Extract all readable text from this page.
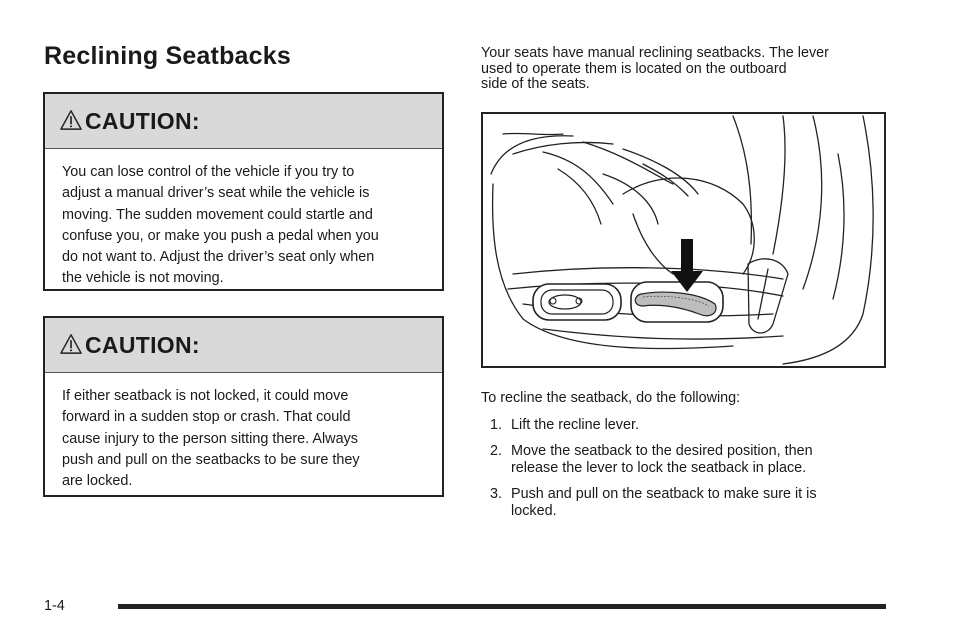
Reclining Seatbacks
CAUTION:
You can lose control of the vehicle if you try to
adjust a manual driver’s seat while the vehicle is
moving. The sudden movement could startle and
confuse you, or make you push a pedal when you
do not want to. Adjust the driver’s seat only when
the vehicle is not moving.
CAUTION:
If either seatback is not locked, it could move
forward in a sudden stop or crash. That could
cause injury to the person sitting there. Always
push and pull on the seatbacks to be sure they
are locked.
Your seats have manual reclining seatbacks. The lever
used to operate them is located on the outboard
side of the seats.
To recline the seatback, do the following:
1. Lift the recline lever.
2. Move the seatback to the desired position, then
release the lever to lock the seatback in place.
3. Push and pull on the seatback to make sure it is
locked.
1-4
